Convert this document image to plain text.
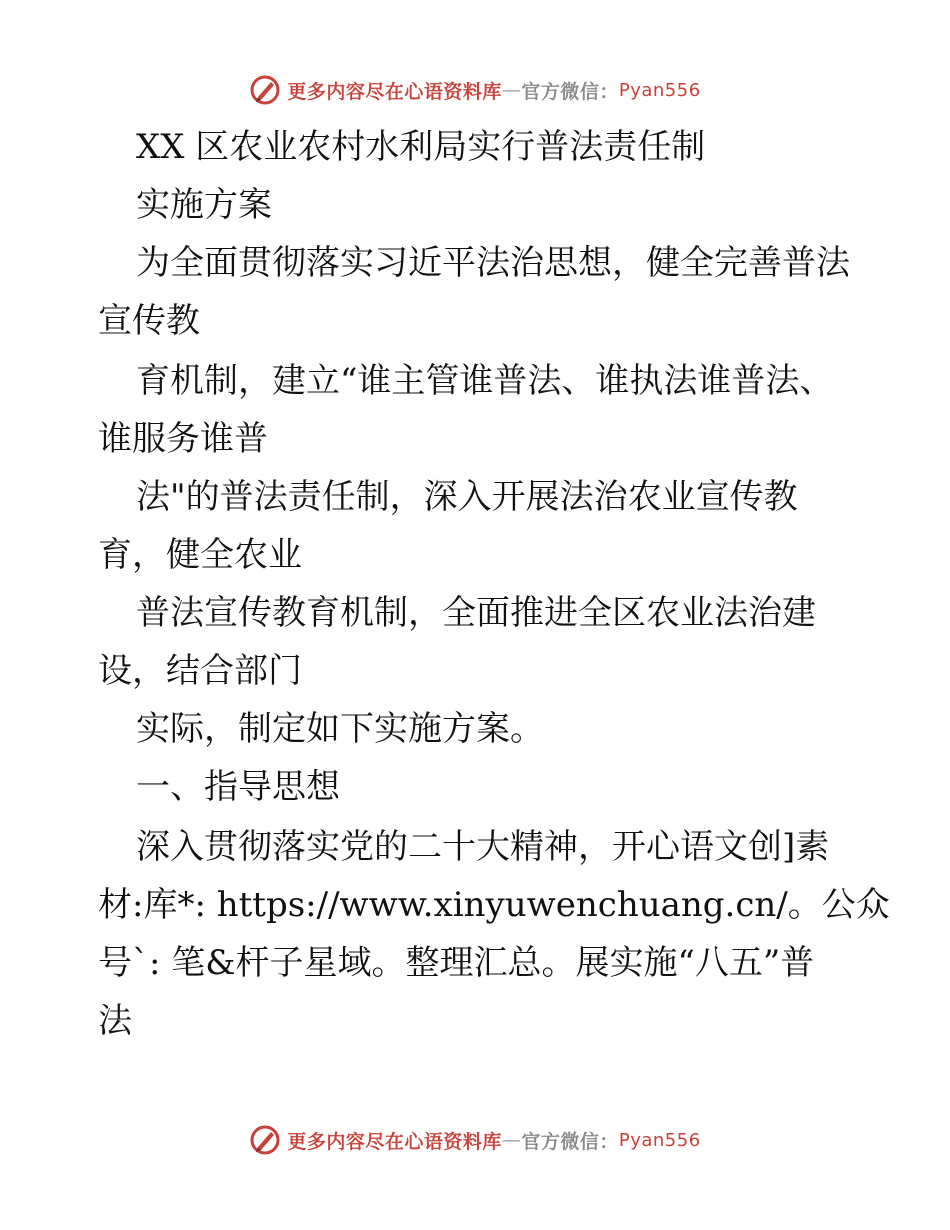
更多内容尽在心语资料库 — 官方微信： Pyan556
XX 区农业农村水利局实行普法责任制
实施方案
为全面贯彻落实习近平法治思想，健全完善普法
宣传教
育机制，建立“谁主管谁普法、谁执法谁普法、
谁服务谁普
法"的普法责任制，深入开展法治农业宣传教
育，健全农业
普法宣传教育机制，全面推进全区农业法治建
设，结合部门
实际，制定如下实施方案。
一、指导思想
深入贯彻落实党的二十大精神，开心语文创]素
材:库*: https://www.xinyuwenchuang.cn/。公众
号`: 笔&杆子星域。整理汇总。展实施“八五”普
法
更多内容尽在心语资料库 — 官方微信： Pyan556
